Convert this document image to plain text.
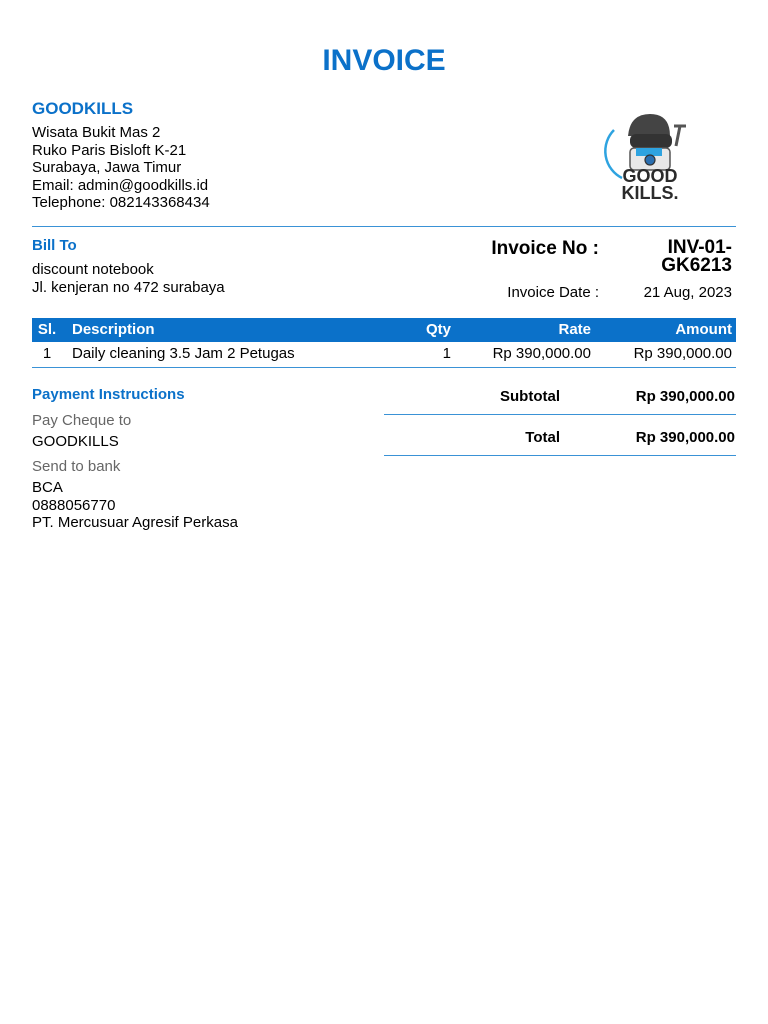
INVOICE
GOODKILLS
Wisata Bukit Mas 2
Ruko Paris Bisloft K-21
Surabaya, Jawa Timur
Email: admin@goodkills.id
Telephone: 082143368434
GOOD
KILLS.
Bill To
discount notebook
Jl. kenjeran no 472 surabaya
Invoice No :	INV-01-
GK6213
Invoice Date :	21 Aug, 2023
Sl.	Description	Qty	Rate	Amount
1	Daily cleaning 3.5 Jam 2 Petugas	1	Rp 390,000.00	Rp 390,000.00
Payment Instructions
Pay Cheque to
GOODKILLS
Send to bank
BCA
0888056770
PT. Mercusuar Agresif Perkasa
Subtotal	Rp 390,000.00
Total	Rp 390,000.00
